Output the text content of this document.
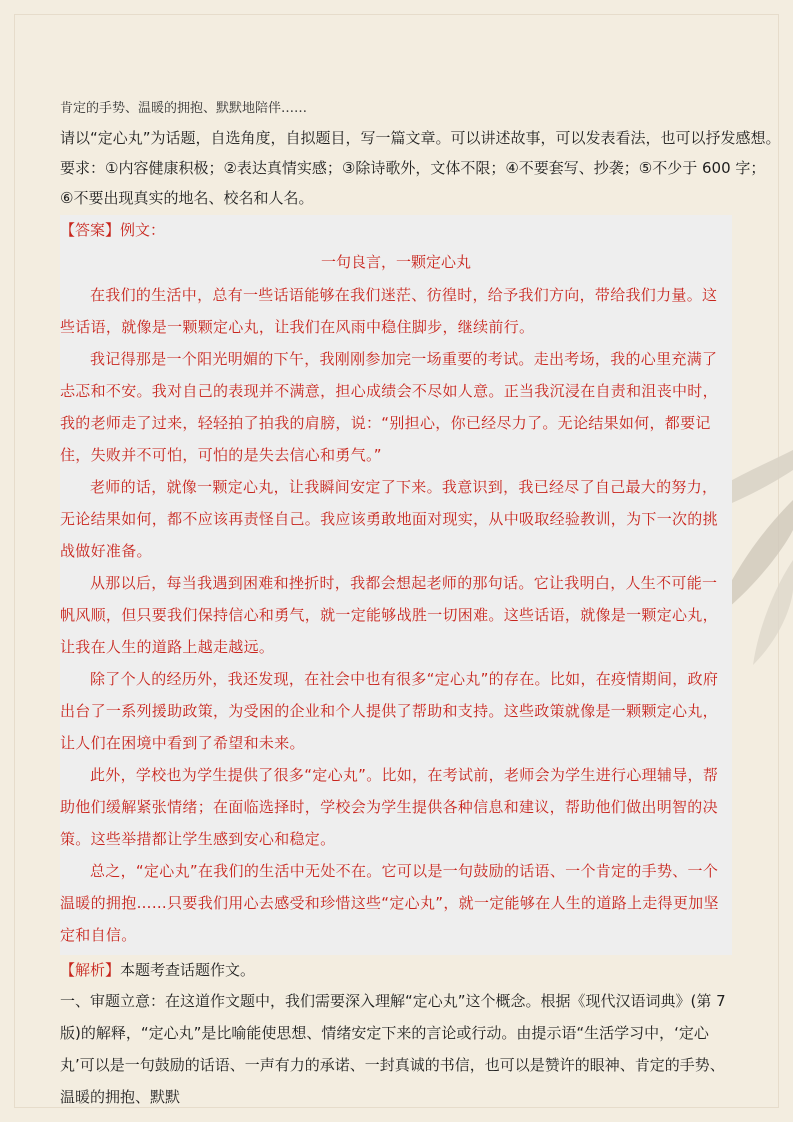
肯定的手势、温暖的拥抱、默默地陪伴……
请以“定心丸”为话题，自选角度，自拟题目，写一篇文章。可以讲述故事，可以发表看法，也可以抒发感想。
要求：①内容健康积极；②表达真情实感；③除诗歌外，文体不限；④不要套写、抄袭；⑤不少于 600 字；
⑥不要出现真实的地名、校名和人名。
【答案】例文：
一句良言，一颗定心丸

在我们的生活中，总有一些话语能够在我们迷茫、彷徨时，给予我们方向，带给我们力量。这些话语，就像是一颗颗定心丸，让我们在风雨中稳住脚步，继续前行。

我记得那是一个阳光明媚的下午，我刚刚参加完一场重要的考试。走出考场，我的心里充满了忐忑和不安。我对自己的表现并不满意，担心成绩会不尽如人意。正当我沉浸在自责和沮丧中时，我的老师走了过来，轻轻拍了拍我的肩膀，说：“别担心，你已经尽力了。无论结果如何，都要记住，失败并不可怕，可怕的是失去信心和勇气。”

老师的话，就像一颗定心丸，让我瞬间安定了下来。我意识到，我已经尽了自己最大的努力，无论结果如何，都不应该再责怪自己。我应该勇敢地面对现实，从中吸取经验教训，为下一次的挑战做好准备。

从那以后，每当我遇到困难和挫折时，我都会想起老师的那句话。它让我明白，人生不可能一帆风顺，但只要我们保持信心和勇气，就一定能够战胜一切困难。这些话语，就像是一颗定心丸，让我在人生的道路上越走越远。

除了个人的经历外，我还发现，在社会中也有很多“定心丸”的存在。比如，在疫情期间，政府出台了一系列援助政策，为受困的企业和个人提供了帮助和支持。这些政策就像是一颗颗定心丸，让人们在困境中看到了希望和未来。

此外，学校也为学生提供了很多“定心丸”。比如，在考试前，老师会为学生进行心理辅导，帮助他们缓解紧张情绪；在面临选择时，学校会为学生提供各种信息和建议，帮助他们做出明智的决策。这些举措都让学生感到安心和稳定。

总之，“定心丸”在我们的生活中无处不在。它可以是一句鼓励的话语、一个肯定的手势、一个温暖的拥抱……只要我们用心去感受和珍惜这些“定心丸”，就一定能够在人生的道路上走得更加坚定和自信。

【解析】本题考查话题作文。

一、审题立意：在这道作文题中，我们需要深入理解“定心丸”这个概念。根据《现代汉语词典》(第 7 版)的解释，“定心丸”是比喻能使思想、情绪安定下来的言论或行动。由提示语“生活学习中，‘定心丸’可以是一句鼓励的话语、一声有力的承诺、一封真诚的书信，也可以是赞许的眼神、肯定的手势、温暖的拥抱、默默
